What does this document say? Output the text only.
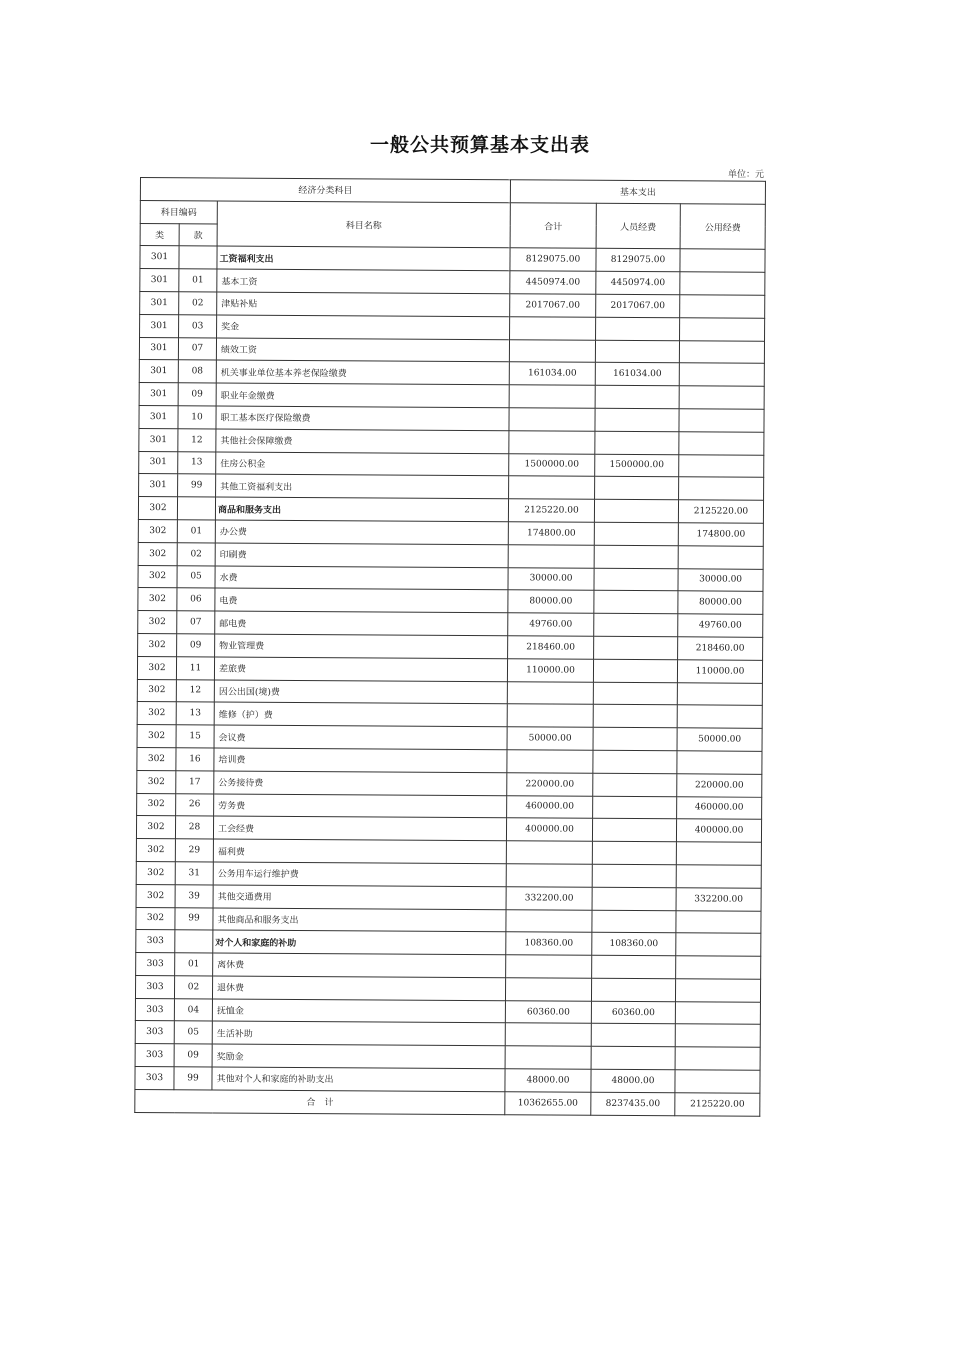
一般公共预算基本支出表
单位：元
经济分类科目			基本支出		
科目编码		科目名称	合计	人员经费	公用经费
类	款				
301		工资福利支出	8129075.00	8129075.00	
301	01	基本工资	4450974.00	4450974.00	
301	02	津贴补贴	2017067.00	2017067.00	
301	03	奖金			
301	07	绩效工资			
301	08	机关事业单位基本养老保险缴费	161034.00	161034.00	
301	09	职业年金缴费			
301	10	职工基本医疗保险缴费			
301	12	其他社会保障缴费			
301	13	住房公积金	1500000.00	1500000.00	
301	99	其他工资福利支出			
302		商品和服务支出	2125220.00		2125220.00
302	01	办公费	174800.00		174800.00
302	02	印刷费			
302	05	水费	30000.00		30000.00
302	06	电费	80000.00		80000.00
302	07	邮电费	49760.00		49760.00
302	09	物业管理费	218460.00		218460.00
302	11	差旅费	110000.00		110000.00
302	12	因公出国(境)费			
302	13	维修（护）费			
302	15	会议费	50000.00		50000.00
302	16	培训费			
302	17	公务接待费	220000.00		220000.00
302	26	劳务费	460000.00		460000.00
302	28	工会经费	400000.00		400000.00
302	29	福利费			
302	31	公务用车运行维护费			
302	39	其他交通费用	332200.00		332200.00
302	99	其他商品和服务支出			
303		对个人和家庭的补助	108360.00	108360.00	
303	01	离休费			
303	02	退休费			
303	04	抚恤金	60360.00	60360.00	
303	05	生活补助			
303	09	奖励金			
303	99	其他对个人和家庭的补助支出	48000.00	48000.00	
合　计			10362655.00	8237435.00	2125220.00
